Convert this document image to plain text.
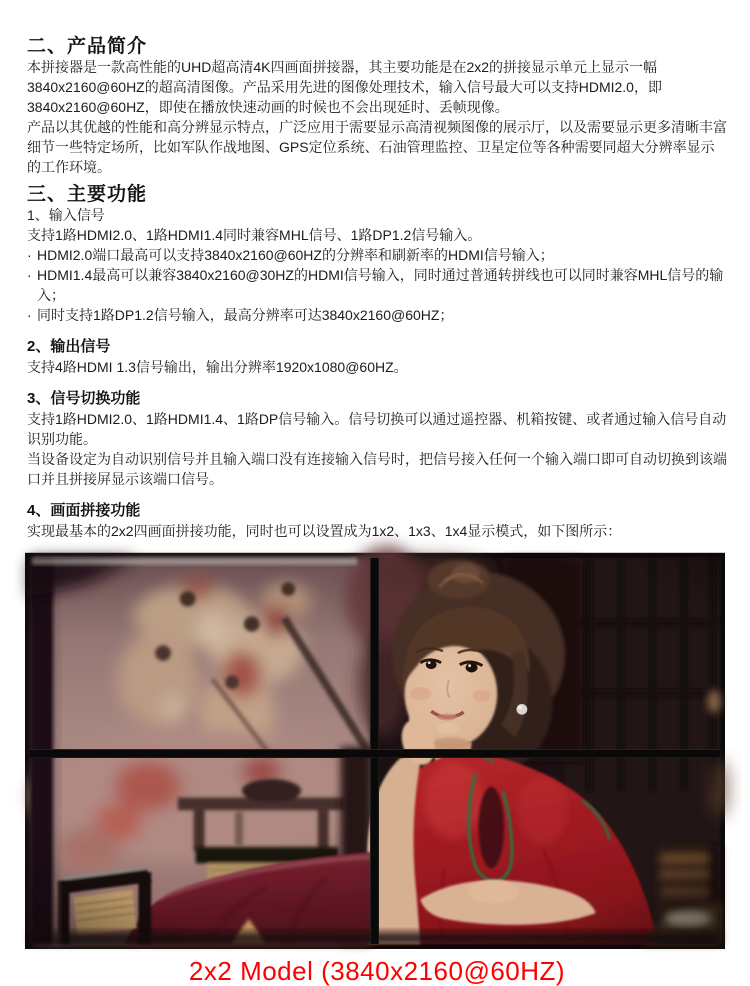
二、产品简介

本拼接器是一款高性能的UHD超高清4K四画面拼接器，其主要功能是在2x2的拼接显示单元上显示一幅3840x2160@60HZ的超高清图像。产品采用先进的图像处理技术，输入信号最大可以支持HDMI2.0，即3840x2160@60HZ，即使在播放快速动画的时候也不会出现延时、丢帧现像。

产品以其优越的性能和高分辨显示特点，广泛应用于需要显示高清视频图像的展示厅，以及需要显示更多清晰丰富细节一些特定场所，比如军队作战地图、GPS定位系统、石油管理监控、卫星定位等各种需要同超大分辨率显示的工作环境。

三、主要功能

1、输入信号

支持1路HDMI2.0、1路HDMI1.4同时兼容MHL信号、1路DP1.2信号输入。

· HDMI2.0端口最高可以支持3840x2160@60HZ的分辨率和刷新率的HDMI信号输入；
· HDMI1.4最高可以兼容3840x2160@30HZ的HDMI信号输入，同时通过普通转拼线也可以同时兼容MHL信号的输入；
· 同时支持1路DP1.2信号输入，最高分辨率可达3840x2160@60HZ；
2、输出信号

支持4路HDMI 1.3信号输出，输出分辨率1920x1080@60HZ。

3、信号切换功能

支持1路HDMI2.0、1路HDMI1.4、1路DP信号输入。信号切换可以通过遥控器、机箱按键、或者通过输入信号自动识别功能。

当设备设定为自动识别信号并且输入端口没有连接输入信号时，把信号接入任何一个输入端口即可自动切换到该端口并且拼接屏显示该端口信号。

4、画面拼接功能

实现最基本的2x2四画面拼接功能，同时也可以设置成为1x2、1x3、1x4显示模式，如下图所示：

2x2 Model (3840x2160@60HZ)
